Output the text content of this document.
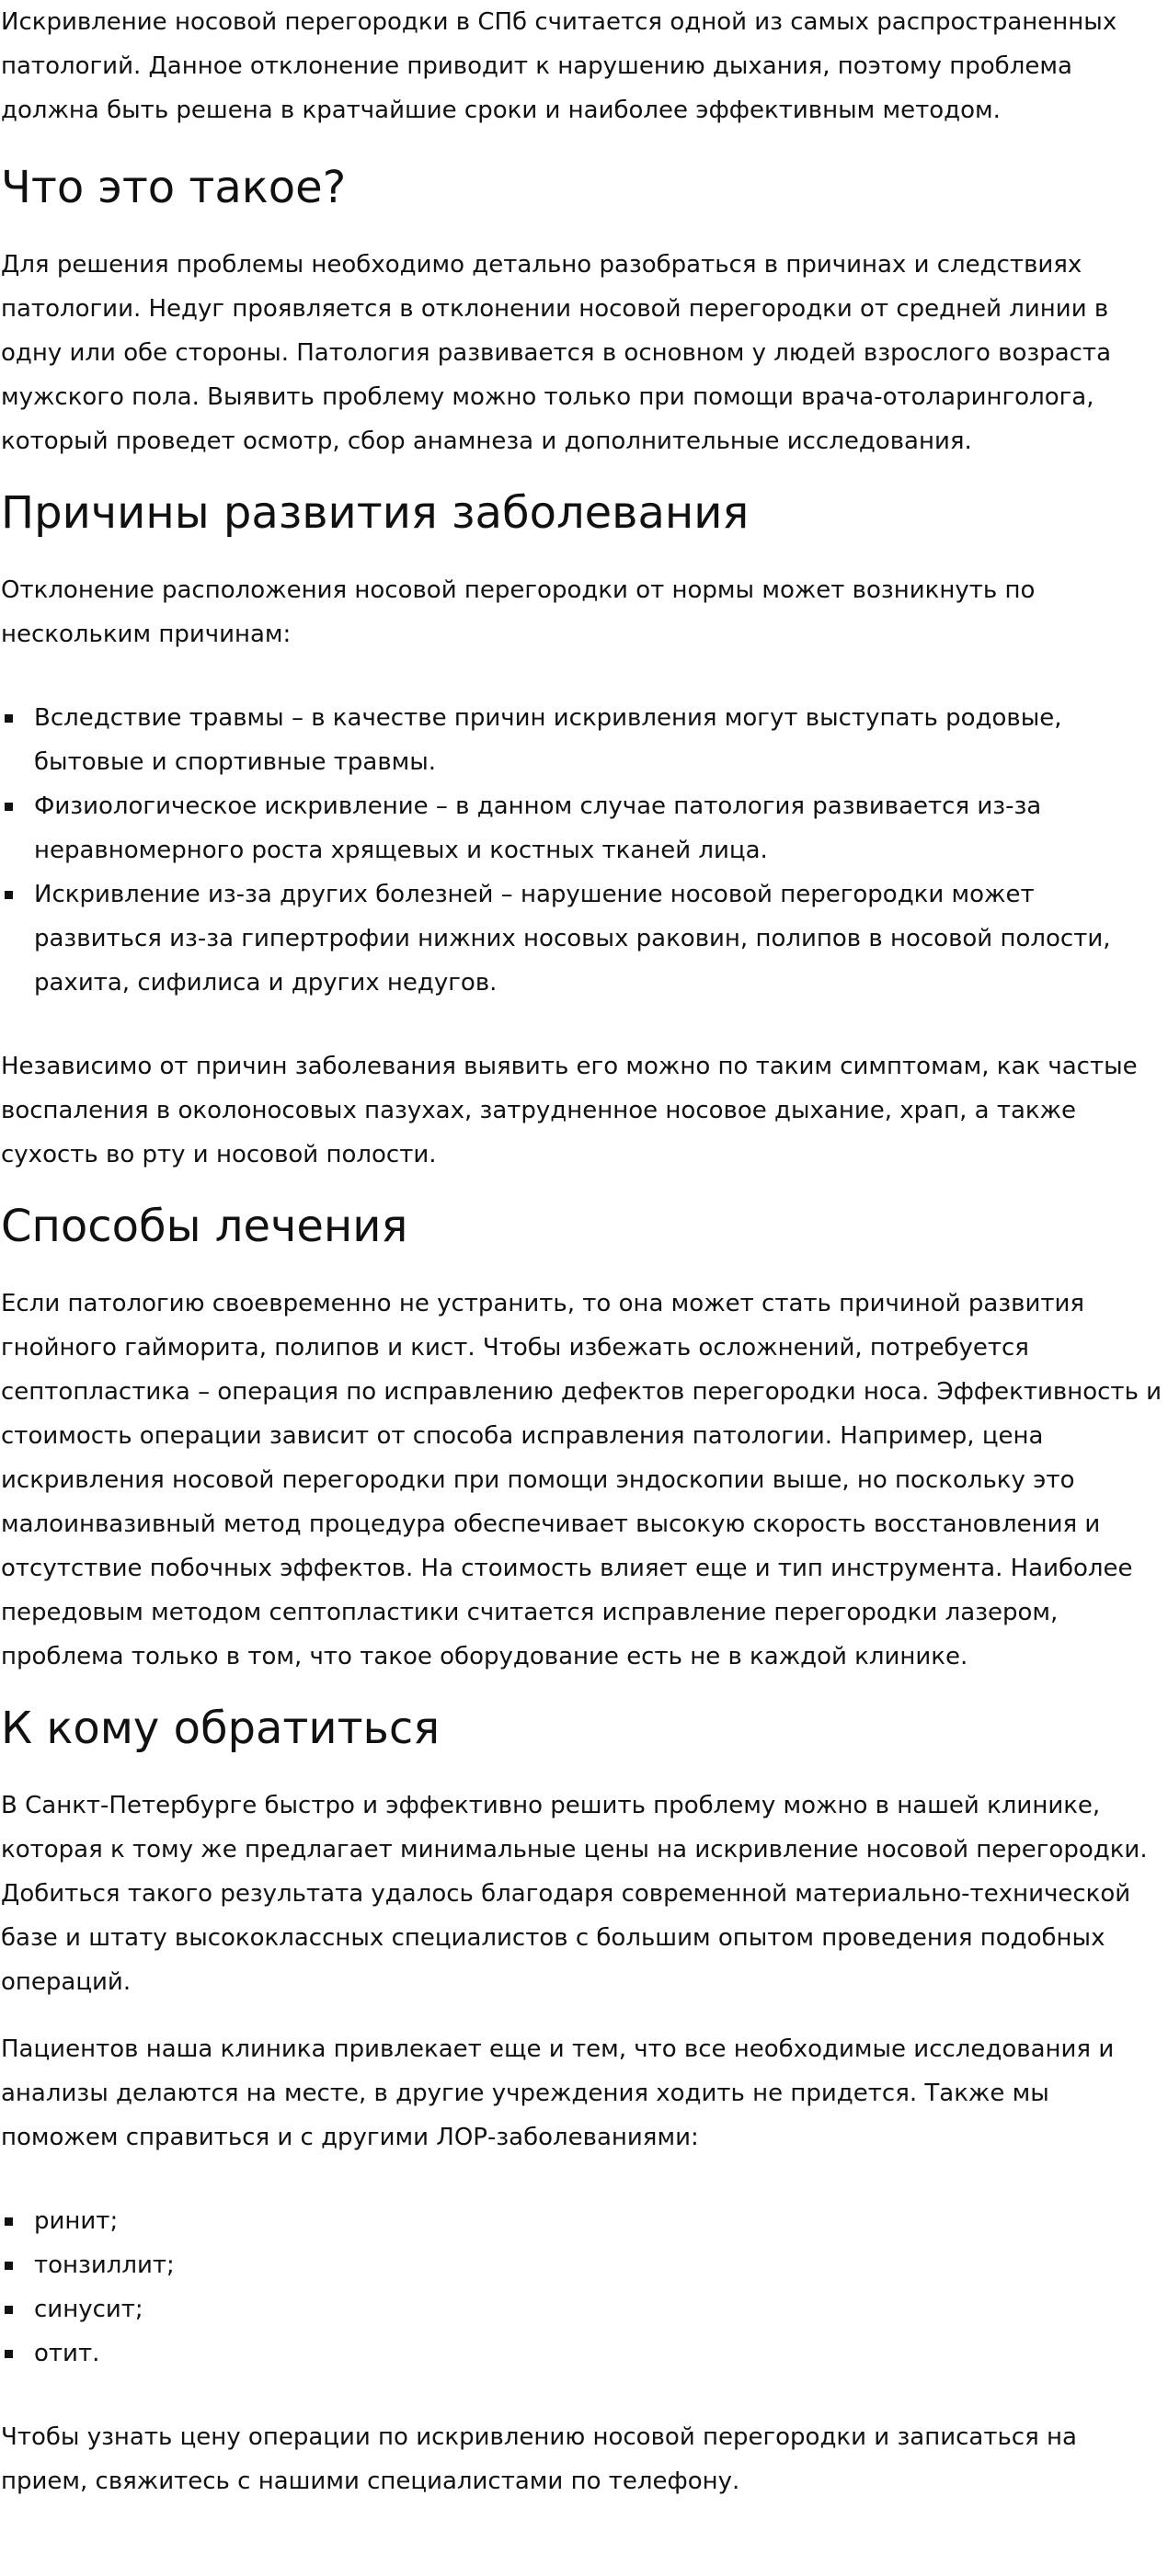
Искривление носовой перегородки в СПб считается одной из самых распространенных патологий. Данное отклонение приводит к нарушению дыхания, поэтому проблема должна быть решена в кратчайшие сроки и наиболее эффективным методом.

Что это такое?

Для решения проблемы необходимо детально разобраться в причинах и следствиях патологии. Недуг проявляется в отклонении носовой перегородки от средней линии в одну или обе стороны. Патология развивается в основном у людей взрослого возраста мужского пола. Выявить проблему можно только при помощи врача-отоларинголога, который проведет осмотр, сбор анамнеза и дополнительные исследования.

Причины развития заболевания

Отклонение расположения носовой перегородки от нормы может возникнуть по нескольким причинам:

Вследствие травмы – в качестве причин искривления могут выступать родовые, бытовые и спортивные травмы.
Физиологическое искривление – в данном случае патология развивается из-за неравномерного роста хрящевых и костных тканей лица.
Искривление из-за других болезней – нарушение носовой перегородки может развиться из-за гипертрофии нижних носовых раковин, полипов в носовой полости, рахита, сифилиса и других недугов.

Независимо от причин заболевания выявить его можно по таким симптомам, как частые воспаления в околоносовых пазухах, затрудненное носовое дыхание, храп, а также сухость во рту и носовой полости.

Способы лечения

Если патологию своевременно не устранить, то она может стать причиной развития гнойного гайморита, полипов и кист. Чтобы избежать осложнений, потребуется септопластика – операция по исправлению дефектов перегородки носа. Эффективность и стоимость операции зависит от способа исправления патологии. Например, цена искривления носовой перегородки при помощи эндоскопии выше, но поскольку это малоинвазивный метод процедура обеспечивает высокую скорость восстановления и отсутствие побочных эффектов. На стоимость влияет еще и тип инструмента. Наиболее передовым методом септопластики считается исправление перегородки лазером, проблема только в том, что такое оборудование есть не в каждой клинике.

К кому обратиться

В Санкт-Петербурге быстро и эффективно решить проблему можно в нашей клинике, которая к тому же предлагает минимальные цены на искривление носовой перегородки. Добиться такого результата удалось благодаря современной материально-технической базе и штату высококлассных специалистов с большим опытом проведения подобных операций.

Пациентов наша клиника привлекает еще и тем, что все необходимые исследования и анализы делаются на месте, в другие учреждения ходить не придется. Также мы поможем справиться и с другими ЛОР-заболеваниями:

ринит;
тонзиллит;
синусит;
отит.

Чтобы узнать цену операции по искривлению носовой перегородки и записаться на прием, свяжитесь с нашими специалистами по телефону.
